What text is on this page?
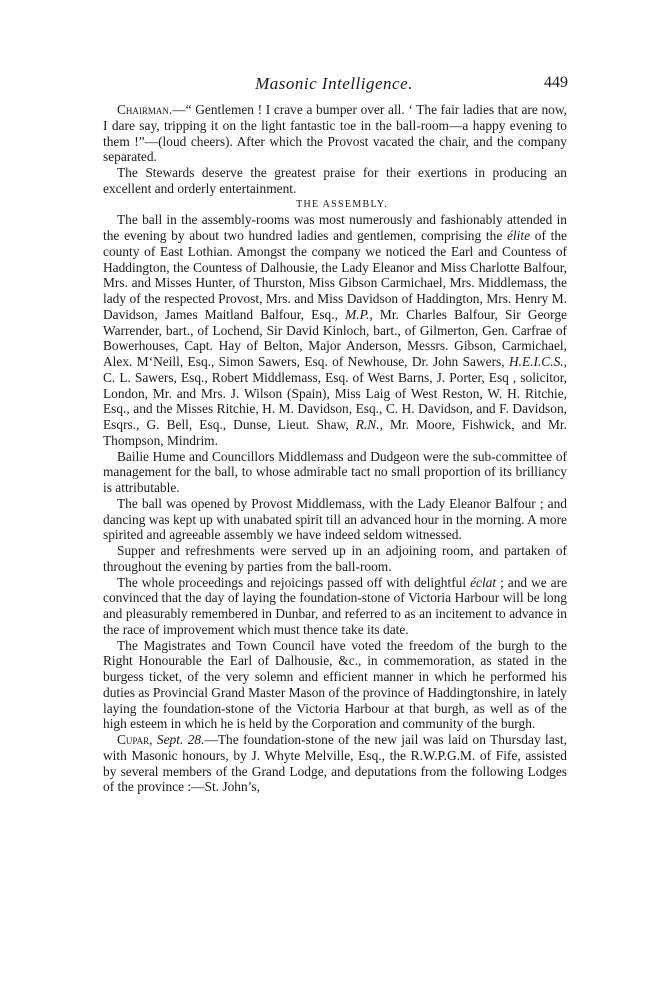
Masonic Intelligence.	449

Chairman.—“ Gentlemen ! I crave a bumper over all. ‘ The fair ladies that are now, I dare say, tripping it on the light fantastic toe in the ball-room—a happy evening to them !”—(loud cheers). After which the Provost vacated the chair, and the company separated.

The Stewards deserve the greatest praise for their exertions in producing an excellent and orderly entertainment.

THE ASSEMBLY.

The ball in the assembly-rooms was most numerously and fashionably attended in the evening by about two hundred ladies and gentlemen, comprising the élite of the county of East Lothian. Amongst the company we noticed the Earl and Countess of Haddington, the Countess of Dalhousie, the Lady Eleanor and Miss Charlotte Balfour, Mrs. and Misses Hunter, of Thurston, Miss Gibson Carmichael, Mrs. Middlemass, the lady of the respected Provost, Mrs. and Miss Davidson of Haddington, Mrs. Henry M. Davidson, James Maitland Balfour, Esq., M.P., Mr. Charles Balfour, Sir George Warrender, bart., of Lochend, Sir David Kinloch, bart., of Gilmerton, Gen. Carfrae of Bowerhouses, Capt. Hay of Belton, Major Anderson, Messrs. Gibson, Carmichael, Alex. M‘Neill, Esq., Simon Sawers, Esq. of Newhouse, Dr. John Sawers, H.E.I.C.S., C. L. Sawers, Esq., Robert Middlemass, Esq. of West Barns, J. Porter, Esq , solicitor, London, Mr. and Mrs. J. Wilson (Spain), Miss Laig of West Reston, W. H. Ritchie, Esq., and the Misses Ritchie, H. M. Davidson, Esq., C. H. Davidson, and F. Davidson, Esqrs., G. Bell, Esq., Dunse, Lieut. Shaw, R.N., Mr. Moore, Fishwick, and Mr. Thompson, Mindrim.

Bailie Hume and Councillors Middlemass and Dudgeon were the sub-committee of management for the ball, to whose admirable tact no small proportion of its brilliancy is attributable.

The ball was opened by Provost Middlemass, with the Lady Eleanor Balfour ; and dancing was kept up with unabated spirit till an advanced hour in the morning. A more spirited and agreeable assembly we have indeed seldom witnessed.

Supper and refreshments were served up in an adjoining room, and partaken of throughout the evening by parties from the ball-room.

The whole proceedings and rejoicings passed off with delightful éclat ; and we are convinced that the day of laying the foundation-stone of Victoria Harbour will be long and pleasurably remembered in Dunbar, and referred to as an incitement to advance in the race of improvement which must thence take its date.

The Magistrates and Town Council have voted the freedom of the burgh to the Right Honourable the Earl of Dalhousie, &c., in commemoration, as stated in the burgess ticket, of the very solemn and efficient manner in which he performed his duties as Provincial Grand Master Mason of the province of Haddingtonshire, in lately laying the foundation-stone of the Victoria Harbour at that burgh, as well as of the high esteem in which he is held by the Corporation and community of the burgh.

Cupar, Sept. 28.—The foundation-stone of the new jail was laid on Thursday last, with Masonic honours, by J. Whyte Melville, Esq., the R.W.P.G.M. of Fife, assisted by several members of the Grand Lodge, and deputations from the following Lodges of the province :—St. John’s,
